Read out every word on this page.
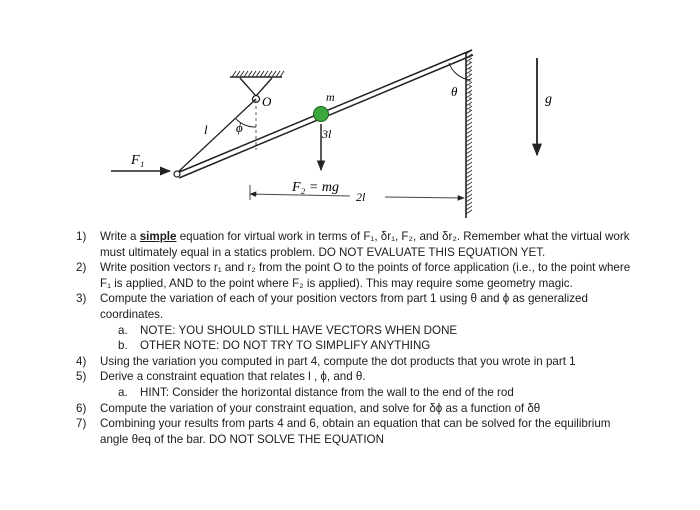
F₁
l ϕ
O	m
3l
F₂ = mg
2l
θ
g
1)	Write a simple equation for virtual work in terms of F₁, δr₁, F₂, and δr₂. Remember what the virtual work must ultimately equal in a statics problem. DO NOT EVALUATE THIS EQUATION YET.
2)	Write position vectors r₁ and r₂ from the point O to the points of force application (i.e., to the point where F₁ is applied, AND to the point where F₂ is applied). This may require some geometry magic.
3)	Compute the variation of each of your position vectors from part 1 using θ and ϕ as generalized coordinates.
a.	NOTE: YOU SHOULD STILL HAVE VECTORS WHEN DONE
b.	OTHER NOTE: DO NOT TRY TO SIMPLIFY ANYTHING
4)	Using the variation you computed in part 4, compute the dot products that you wrote in part 1
5)	Derive a constraint equation that relates l , ϕ, and θ.
a.	HINT: Consider the horizontal distance from the wall to the end of the rod
6)	Compute the variation of your constraint equation, and solve for δϕ as a function of δθ
7)	Combining your results from parts 4 and 6, obtain an equation that can be solved for the equilibrium angle θeq of the bar. DO NOT SOLVE THE EQUATION
